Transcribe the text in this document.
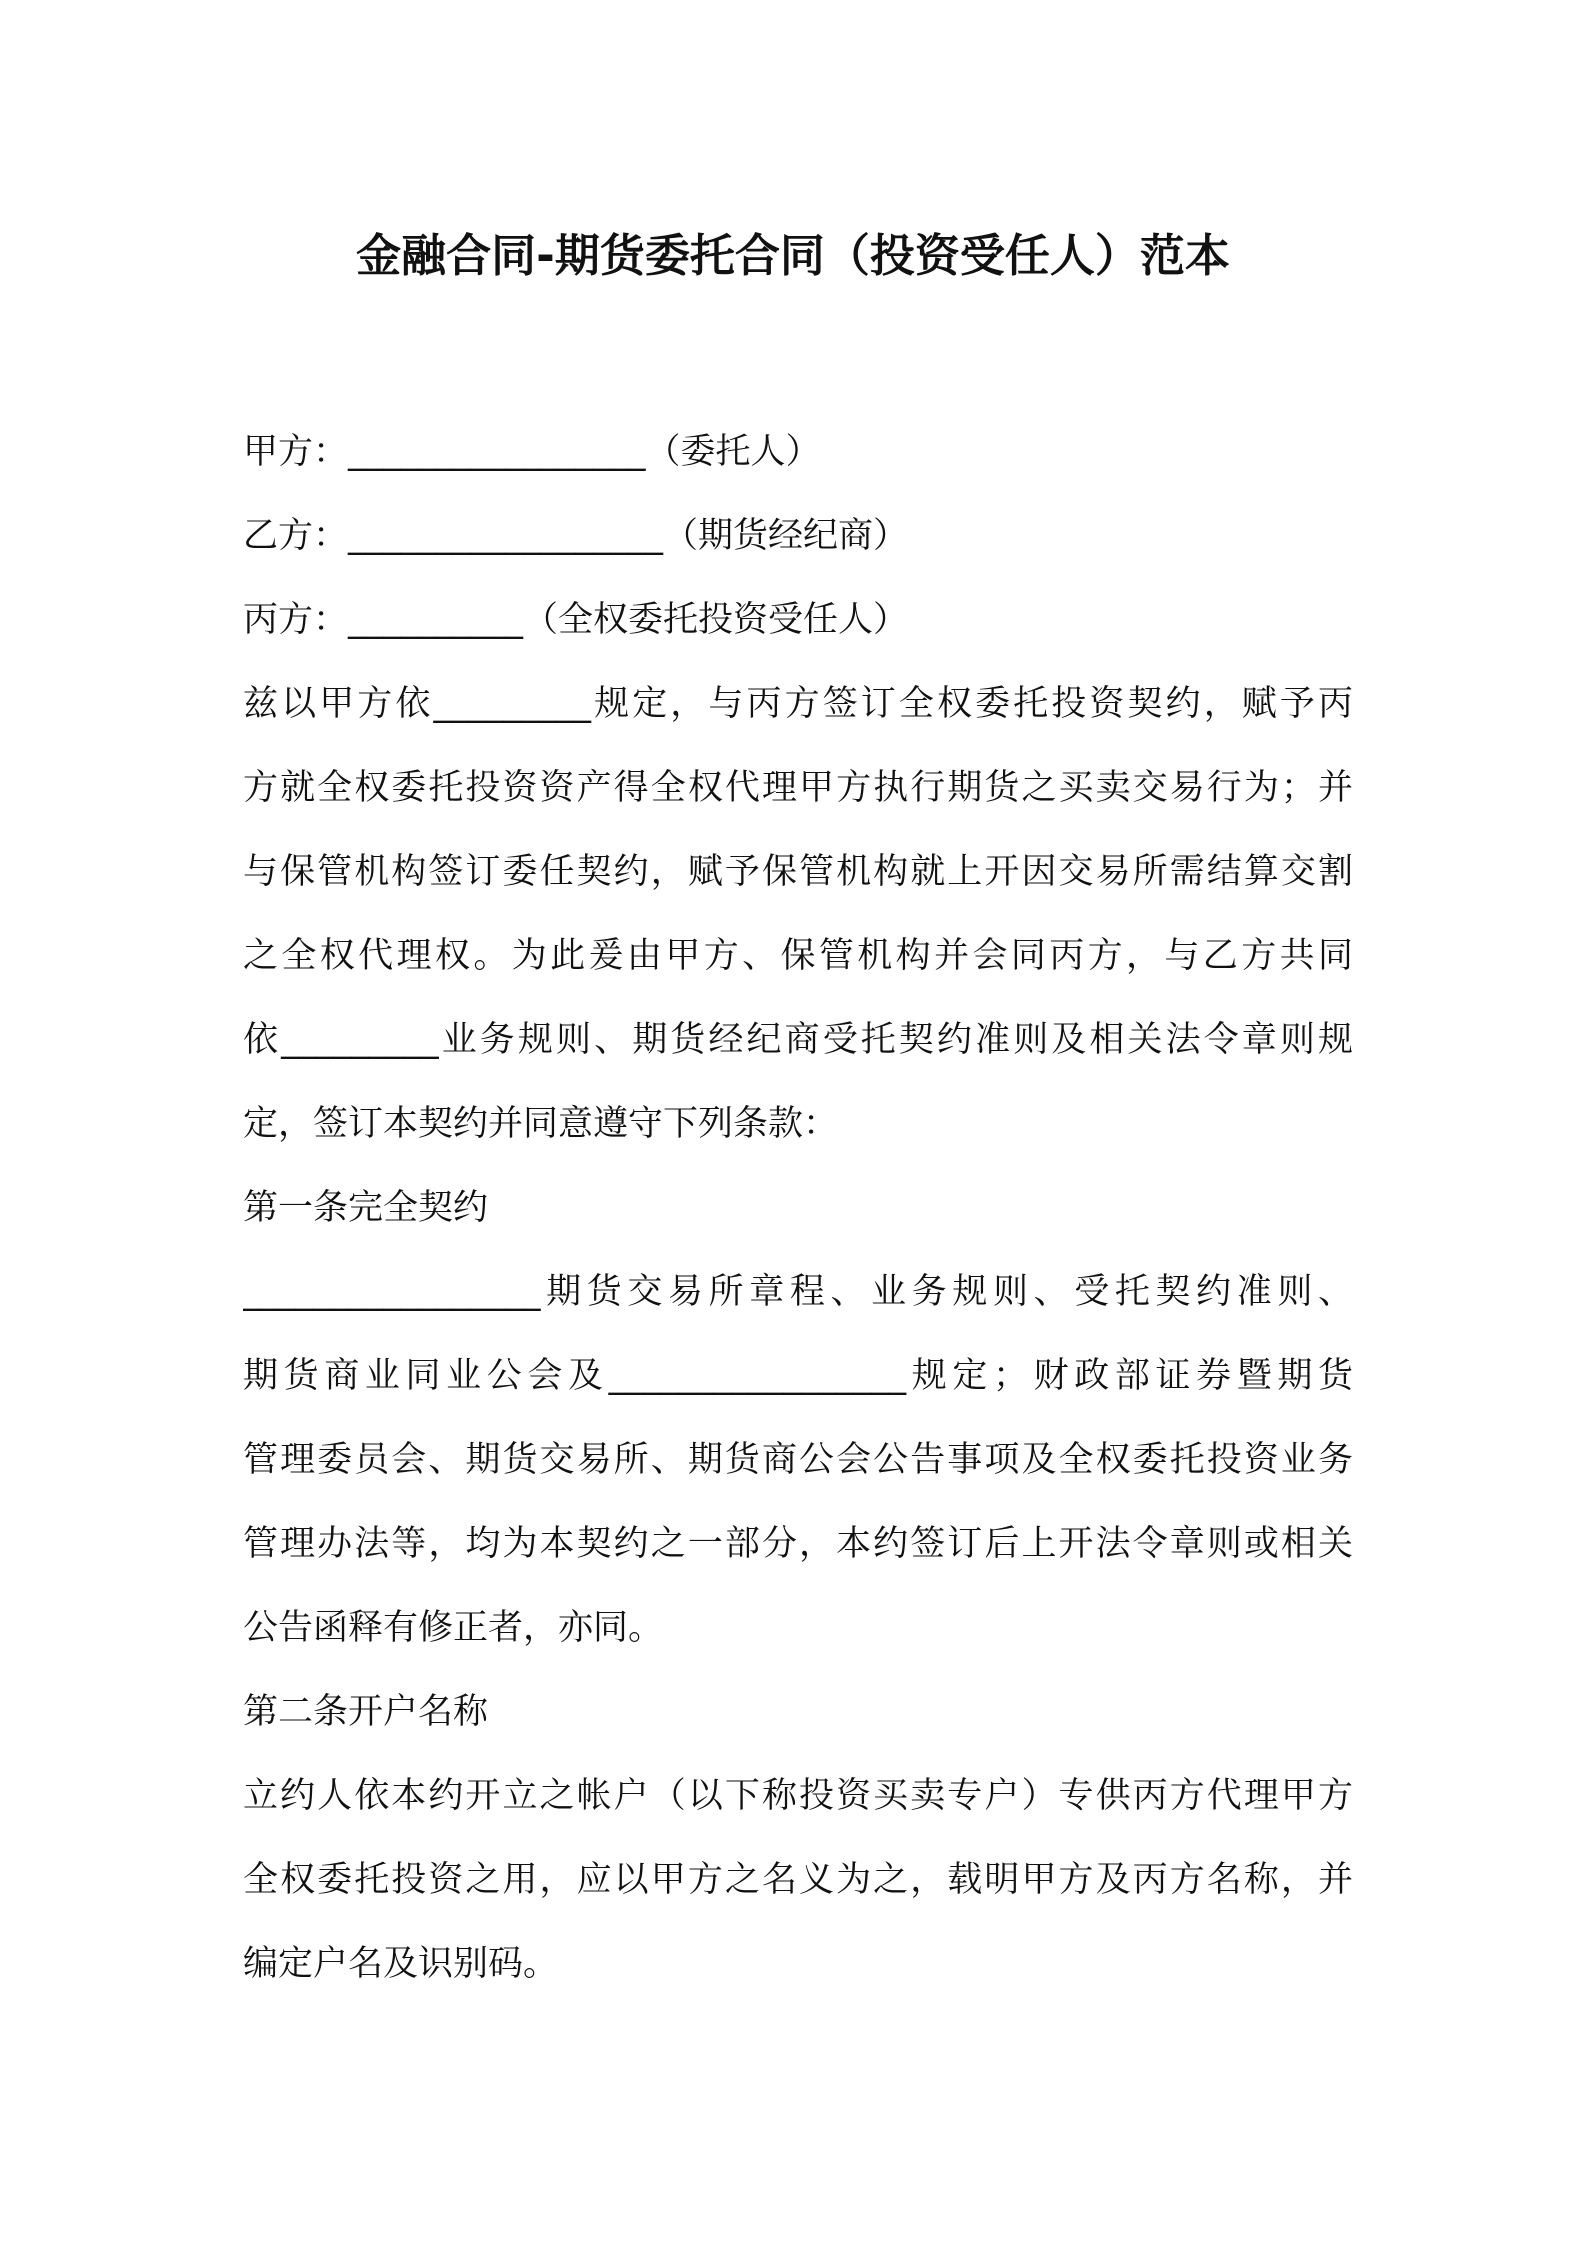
金融合同-期货委托合同（投资受任人）范本
甲方：_________________（委托人）
乙方：__________________（期货经纪商）
丙方：__________（全权委托投资受任人）
兹以甲方依_________规定，与丙方签订全权委托投资契约，赋予丙
方就全权委托投资资产得全权代理甲方执行期货之买卖交易行为；并
与保管机构签订委任契约，赋予保管机构就上开因交易所需结算交割
之全权代理权。为此爰由甲方、保管机构并会同丙方，与乙方共同
依_________业务规则、期货经纪商受托契约准则及相关法令章则规
定，签订本契约并同意遵守下列条款：
第一条完全契约
_________________期货交易所章程、业务规则、受托契约准则、
期货商业同业公会及_________________规定；财政部证券暨期货
管理委员会、期货交易所、期货商公会公告事项及全权委托投资业务
管理办法等，均为本契约之一部分，本约签订后上开法令章则或相关
公告函释有修正者，亦同。
第二条开户名称
立约人依本约开立之帐户（以下称投资买卖专户）专供丙方代理甲方
全权委托投资之用，应以甲方之名义为之，载明甲方及丙方名称，并
编定户名及识别码。
